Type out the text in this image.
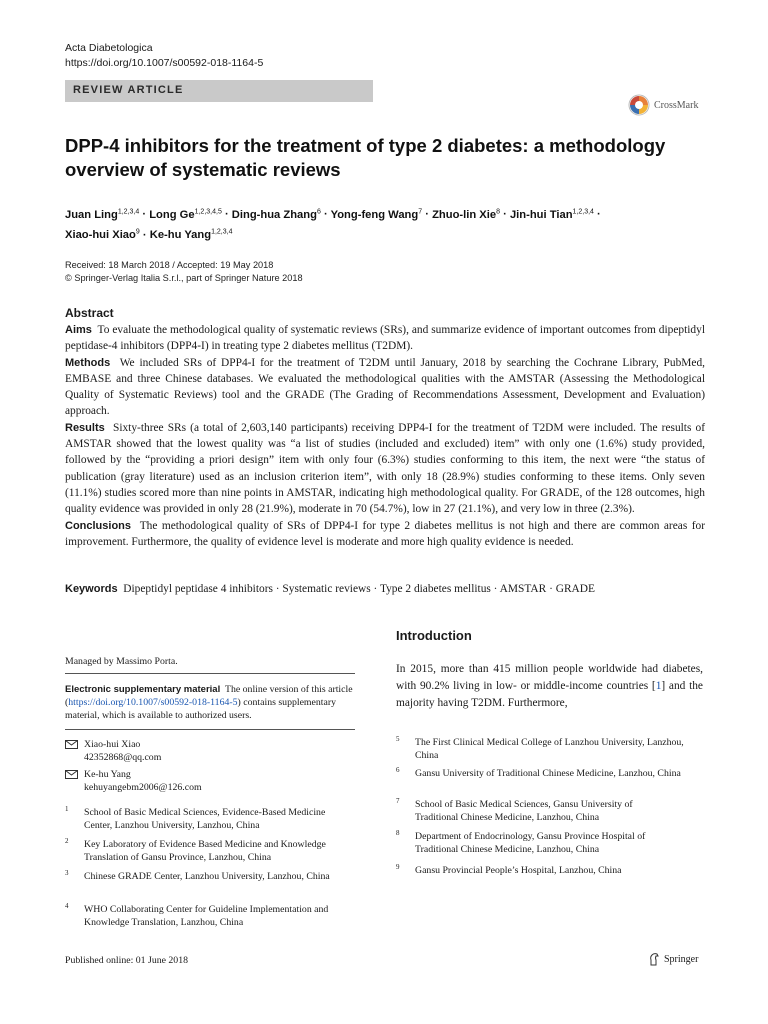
Acta Diabetologica
https://doi.org/10.1007/s00592-018-1164-5
REVIEW ARTICLE
CrossMark
DPP-4 inhibitors for the treatment of type 2 diabetes: a methodology overview of systematic reviews
Juan Ling$^{1,2,3,4}$ · Long Ge$^{1,2,3,4,5}$ · Ding-hua Zhang$^6$ · Yong-feng Wang$^7$ · Zhuo-lin Xie$^8$ · Jin-hui Tian$^{1,2,3,4}$ ·
Xiao-hui Xiao$^9$ · Ke-hu Yang$^{1,2,3,4}$
Received: 18 March 2018 / Accepted: 19 May 2018
© Springer-Verlag Italia S.r.l., part of Springer Nature 2018
Abstract

Aims To evaluate the methodological quality of systematic reviews (SRs), and summarize evidence of important outcomes from dipeptidyl peptidase-4 inhibitors (DPP4-I) in treating type 2 diabetes mellitus (T2DM).

Methods We included SRs of DPP4-I for the treatment of T2DM until January, 2018 by searching the Cochrane Library, PubMed, EMBASE and three Chinese databases. We evaluated the methodological qualities with the AMSTAR (Assessing the Methodological Quality of Systematic Reviews) tool and the GRADE (The Grading of Recommendations Assessment, Development and Evaluation) approach.

Results Sixty-three SRs (a total of 2,603,140 participants) receiving DPP4-I for the treatment of T2DM were included. The results of AMSTAR showed that the lowest quality was “a list of studies (included and excluded) item” with only one (1.6%) study provided, followed by the “providing a priori design” item with only four (6.3%) studies conforming to this item, the next were “the status of publication (gray literature) used as an inclusion criterion item”, with only 18 (28.9%) studies conforming to these items. Only seven (11.1%) studies scored more than nine points in AMSTAR, indicating high methodological quality. For GRADE, of the 128 outcomes, high quality evidence was provided in only 28 (21.9%), moderate in 70 (54.7%), low in 27 (21.1%), and very low in three (2.3%).

Conclusions The methodological quality of SRs of DPP4-I for type 2 diabetes mellitus is not high and there are common areas for improvement. Furthermore, the quality of evidence level is moderate and more high quality evidence is needed.

Keywords Dipeptidyl peptidase 4 inhibitors · Systematic reviews · Type 2 diabetes mellitus · AMSTAR · GRADE
Introduction
In 2015, more than 415 million people worldwide had diabetes, with 90.2% living in low- or middle-income countries [1] and the majority having T2DM. Furthermore,
Managed by Massimo Porta.
Electronic supplementary material The online version of this article (https://doi.org/10.1007/s00592-018-1164-5) contains supplementary material, which is available to authorized users.
Xiao-hui Xiao
42352868@qq.com
Ke-hu Yang
kehuyangebm2006@126.com
1 School of Basic Medical Sciences, Evidence-Based Medicine Center, Lanzhou University, Lanzhou, China
2 Key Laboratory of Evidence Based Medicine and Knowledge Translation of Gansu Province, Lanzhou, China
3 Chinese GRADE Center, Lanzhou University, Lanzhou, China
4 WHO Collaborating Center for Guideline Implementation and Knowledge Translation, Lanzhou, China
5 The First Clinical Medical College of Lanzhou University, Lanzhou, China
6 Gansu University of Traditional Chinese Medicine, Lanzhou, China
7 School of Basic Medical Sciences, Gansu University of Traditional Chinese Medicine, Lanzhou, China
8 Department of Endocrinology, Gansu Province Hospital of Traditional Chinese Medicine, Lanzhou, China
9 Gansu Provincial People’s Hospital, Lanzhou, China
Published online: 01 June 2018	Springer
